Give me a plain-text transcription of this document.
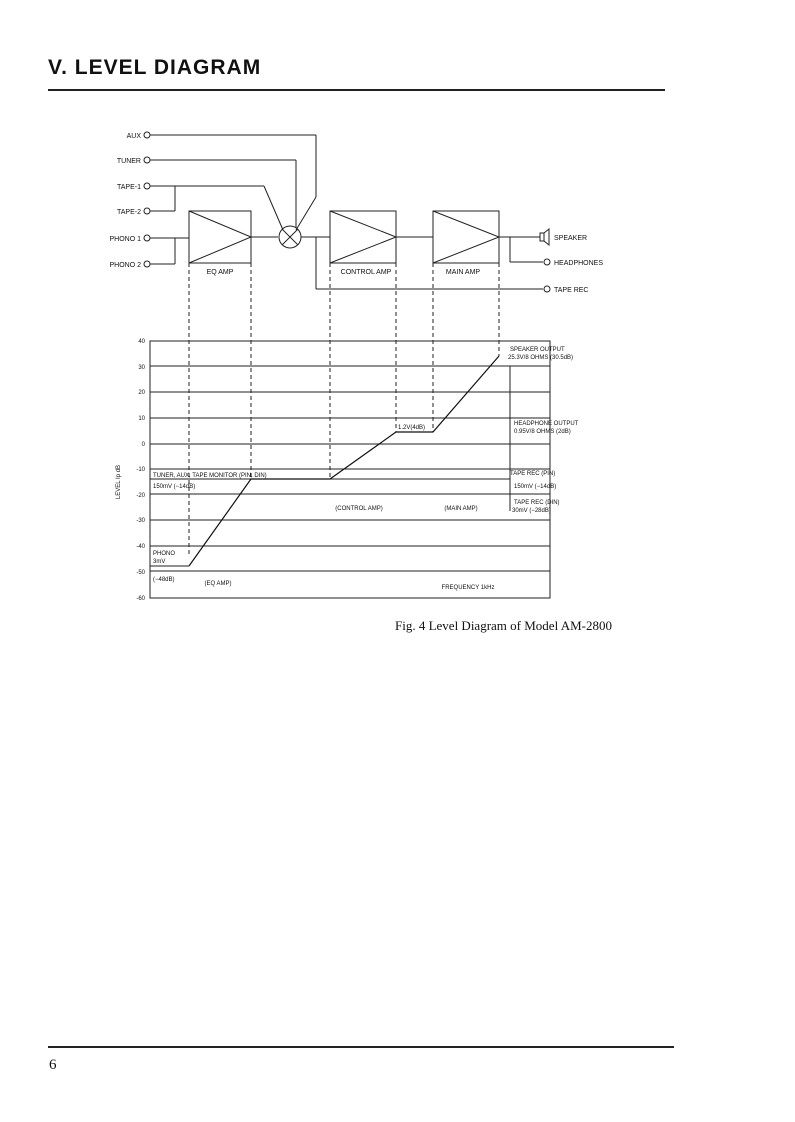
V. LEVEL DIAGRAM
AUX
TUNER
TAPE-1
TAPE-2
PHONO 1
PHONO 2
EQ AMP	CONTROL AMP	MAIN AMP
SPEAKER
HEADPHONES
TAPE REC
40
30
20
10
0
-10
-20
-30
-40
-50
-60
LEVEL Ip dB	TUNER, AUX, TAPE MONITOR (PIN, DIN)
150mV (−14dB)
PHONO
3mV
(−48dB)
(EQ AMP)
(CONTROL AMP)	(MAIN AMP)
1.2V(4dB)
SPEAKER OUTPUT
25.3V/8 OHMS (30.5dB)
HEADPHONE OUTPUT
0.95V/8 OHMS (2dB)
TAPE REC (PIN)
150mV (−14dB)
TAPE REC (DIN)
30mV (−28dB)
FREQUENCY 1kHz
Fig. 4 Level Diagram of Model AM-2800
6
